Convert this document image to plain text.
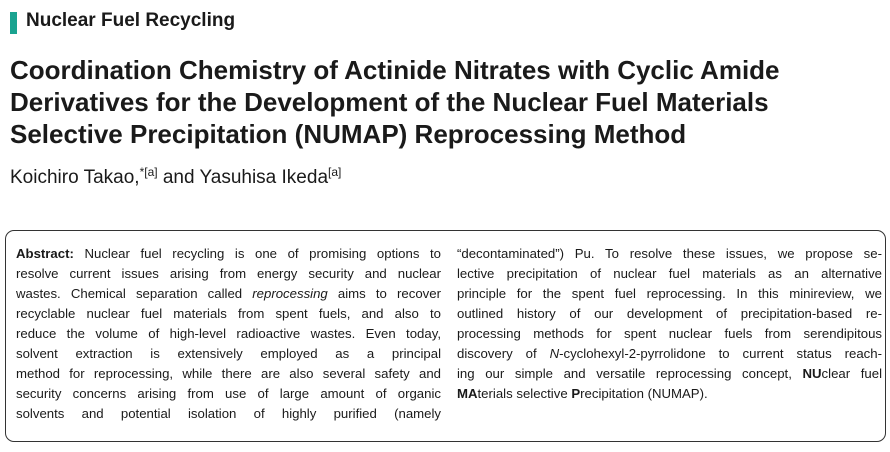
Nuclear Fuel Recycling
Coordination Chemistry of Actinide Nitrates with Cyclic Amide
Derivatives for the Development of the Nuclear Fuel Materials
Selective Precipitation (NUMAP) Reprocessing Method
Koichiro Takao,$^{*[a]}$ and Yasuhisa Ikeda[a]
Abstract: Nuclear fuel recycling is one of promising options to
resolve current issues arising from energy security and nuclear
wastes. Chemical separation called reprocessing aims to recover
recyclable nuclear fuel materials from spent fuels, and also to
reduce the volume of high-level radioactive wastes. Even today,
solvent extraction is extensively employed as a principal
method for reprocessing, while there are also several safety and
security concerns arising from use of large amount of organic
solvents and potential isolation of highly purified (namely
“decontaminated”) Pu. To resolve these issues, we propose se-
lective precipitation of nuclear fuel materials as an alternative
principle for the spent fuel reprocessing. In this minireview, we
outlined history of our development of precipitation-based re-
processing methods for spent nuclear fuels from serendipitous
discovery of N-cyclohexyl-2-pyrrolidone to current status reach-
ing our simple and versatile reprocessing concept, NUclear fuel
MAterials selective Precipitation (NUMAP).
